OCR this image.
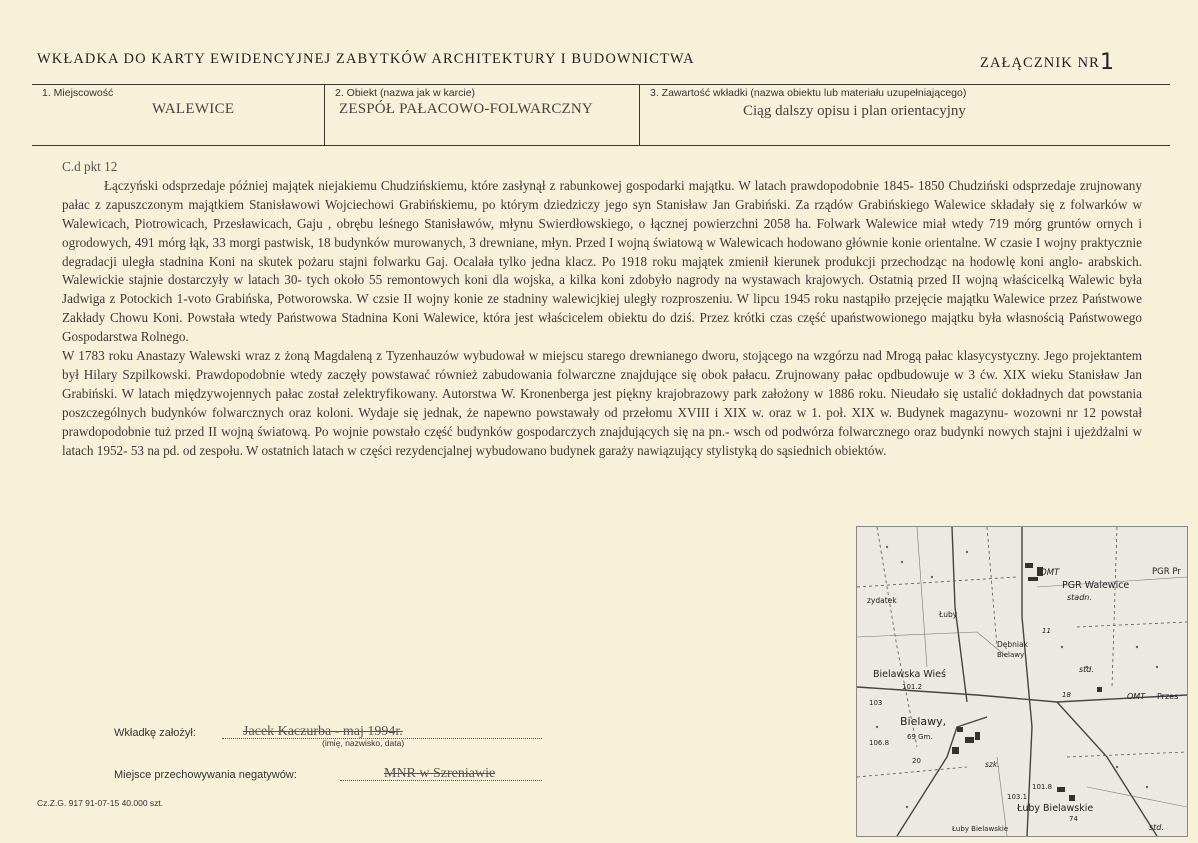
WKŁADKA DO KARTY EWIDENCYJNEJ ZABYTKÓW ARCHITEKTURY I BUDOWNICTWA	ZAŁĄCZNIK NR1
1. Miejscowość
WALEWICE
2. Obiekt (nazwa jak w karcie)
ZESPÓŁ PAŁACOWO-FOLWARCZNY
3. Zawartość wkładki (nazwa obiektu lub materiału uzupełniającego)
Ciąg dalszy opisu i plan orientacyjny

C.d pkt 12

Łączyński odsprzedaje później majątek niejakiemu Chudzińskiemu, które zasłynął z rabunkowej gospodarki majątku. W latach prawdopodobnie 1845- 1850 Chudziński odsprzedaje zrujnowany pałac z zapuszczonym majątkiem Stanisławowi Wojciechowi Grabińskiemu, po którym dziedziczy jego syn Stanisław Jan Grabiński. Za rządów Grabińskiego Walewice składały się z folwarków w Walewicach, Piotrowicach, Przesławicach, Gaju , obrębu leśnego Stanisławów, młynu Swierdłowskiego, o łącznej powierzchni 2058 ha. Folwark Walewice miał wtedy 719 mórg gruntów ornych i ogrodowych, 491 mórg łąk, 33 morgi pastwisk, 18 budynków murowanych, 3 drewniane, młyn. Przed I wojną światową w Walewicach hodowano głównie konie orientalne. W czasie I wojny praktycznie degradacji uległa stadnina Koni na skutek pożaru stajni folwarku Gaj. Ocalała tylko jedna klacz. Po 1918 roku majątek zmienił kierunek produkcji przechodząc na hodowlę koni anglo- arabskich. Walewickie stajnie dostarczyły w latach 30- tych około 55 remontowych koni dla wojska, a kilka koni zdobyło nagrody na wystawach krajowych. Ostatnią przed II wojną właścicelką Walewic była Jadwiga z Potockich 1-voto Grabińska, Potworowska. W czsie II wojny konie ze stadniny walewicjkiej uległy rozproszeniu. W lipcu 1945 roku nastąpiło przejęcie majątku Walewice przez Państwowe Zakłady Chowu Koni. Powstała wtedy Państwowa Stadnina Koni Walewice, która jest właścicelem obiektu do dziś. Przez krótki czas część upaństwowionego majątku była własnością Państwowego Gospodarstwa Rolnego.

W 1783 roku Anastazy Walewski wraz z żoną Magdaleną z Tyzenhauzów wybudował w miejscu starego drewnianego dworu, stojącego na wzgórzu nad Mrogą pałac klasycystyczny. Jego projektantem był Hilary Szpilkowski. Prawdopodobnie wtedy zaczęły powstawać również zabudowania folwarczne znajdujące się obok pałacu. Zrujnowany pałac opdbudowuje w 3 ćw. XIX wieku Stanisław Jan Grabiński. W latach międzywojennych pałac został zelektryfikowany. Autorstwa W. Kronenberga jest piękny krajobrazowy park założony w 1886 roku. Nieudało się ustalić dokładnych dat powstania poszczególnych budynków folwarcznych oraz koloni. Wydaje się jednak, że napewno powstawały od przełomu XVIII i XIX w. oraz w 1. poł. XIX w. Budynek magazynu- wozowni nr 12 powstał prawdopodobnie tuż przed II wojną światową. Po wojnie powstało część budynków gospodarczych znajdujących się na pn.- wsch od podwórza folwarcznego oraz budynki nowych stajni i ujeżdżalni w latach 1952- 53 na pd. od zespołu. W ostatnich latach w części rezydencjalnej wybudowano budynek garaży nawiązujący stylistyką do sąsiednich obiektów.

OMT
PGR Walewice
PGR Pr
stadn.
zydatek
Łuby
11
Dębniak
Bielawy
std.
Bielawska Wieś
101.2
18	OMT Przes
103
Bielawy,
69 Gm.
106.8
20	szk.
101.8
103.1
Łuby Bielawskie
74
Łuby Bielawskie	std.
Wkładkę założył:	Jacek Kaczurba - maj 1994r.
(imię, nazwisko, data)
Miejsce przechowywania negatywów:	MNR w Szreniawie
Cz.Z.G. 917 91-07-15 40.000 szt.
